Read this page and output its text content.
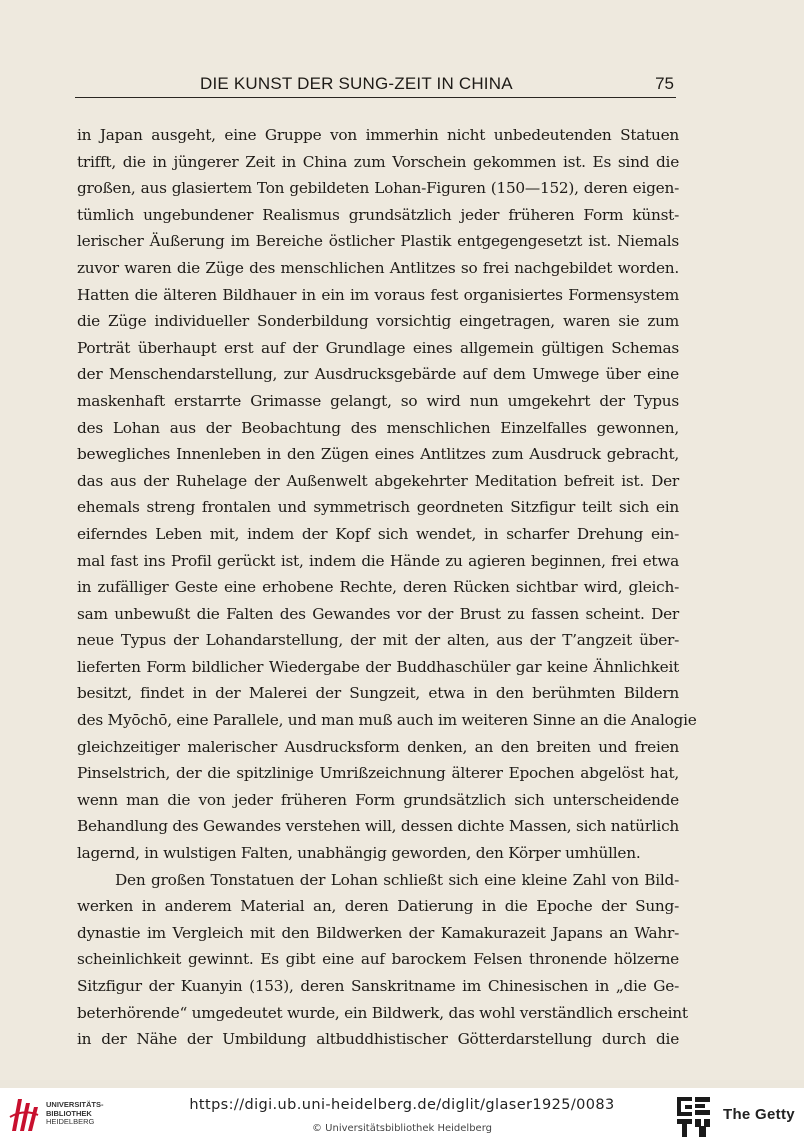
DIE KUNST DER SUNG-ZEIT IN CHINA	75
in Japan ausgeht, eine Gruppe von immerhin nicht unbedeutenden Statuen
trifft, die in jüngerer Zeit in China zum Vorschein gekommen ist. Es sind die
großen, aus glasiertem Ton gebildeten Lohan-Figuren (150—152), deren eigen-
tümlich ungebundener Realismus grundsätzlich jeder früheren Form künst-
lerischer Äußerung im Bereiche östlicher Plastik entgegengesetzt ist. Niemals
zuvor waren die Züge des menschlichen Antlitzes so frei nachgebildet worden.
Hatten die älteren Bildhauer in ein im voraus fest organisiertes Formensystem
die Züge individueller Sonderbildung vorsichtig eingetragen, waren sie zum
Porträt überhaupt erst auf der Grundlage eines allgemein gültigen Schemas
der Menschendarstellung, zur Ausdrucksgebärde auf dem Umwege über eine
maskenhaft erstarrte Grimasse gelangt, so wird nun umgekehrt der Typus
des Lohan aus der Beobachtung des menschlichen Einzelfalles gewonnen,
bewegliches Innenleben in den Zügen eines Antlitzes zum Ausdruck gebracht,
das aus der Ruhelage der Außenwelt abgekehrter Meditation befreit ist. Der
ehemals streng frontalen und symmetrisch geordneten Sitzfigur teilt sich ein
eiferndes Leben mit, indem der Kopf sich wendet, in scharfer Drehung ein-
mal fast ins Profil gerückt ist, indem die Hände zu agieren beginnen, frei etwa
in zufälliger Geste eine erhobene Rechte, deren Rücken sichtbar wird, gleich-
sam unbewußt die Falten des Gewandes vor der Brust zu fassen scheint. Der
neue Typus der Lohandarstellung, der mit der alten, aus der T’angzeit über-
lieferten Form bildlicher Wiedergabe der Buddhaschüler gar keine Ähnlichkeit
besitzt, findet in der Malerei der Sungzeit, etwa in den berühmten Bildern
des Myōchō, eine Parallele, und man muß auch im weiteren Sinne an die Analogie
gleichzeitiger malerischer Ausdrucksform denken, an den breiten und freien
Pinselstrich, der die spitzlinige Umrißzeichnung älterer Epochen abgelöst hat,
wenn man die von jeder früheren Form grundsätzlich sich unterscheidende
Behandlung des Gewandes verstehen will, dessen dichte Massen, sich natürlich
lagernd, in wulstigen Falten, unabhängig geworden, den Körper umhüllen.
Den großen Tonstatuen der Lohan schließt sich eine kleine Zahl von Bild-
werken in anderem Material an, deren Datierung in die Epoche der Sung-
dynastie im Vergleich mit den Bildwerken der Kamakurazeit Japans an Wahr-
scheinlichkeit gewinnt. Es gibt eine auf barockem Felsen thronende hölzerne
Sitzfigur der Kuanyin (153), deren Sanskritname im Chinesischen in „die Ge-
beterhörende“ umgedeutet wurde, ein Bildwerk, das wohl verständlich erscheint
in der Nähe der Umbildung altbuddhistischer Götterdarstellung durch die
UNIVERSITÄTS-
BIBLIOTHEK
HEIDELBERG
https://digi.ub.uni-heidelberg.de/diglit/glaser1925/0083
© Universitätsbibliothek Heidelberg
The Getty
